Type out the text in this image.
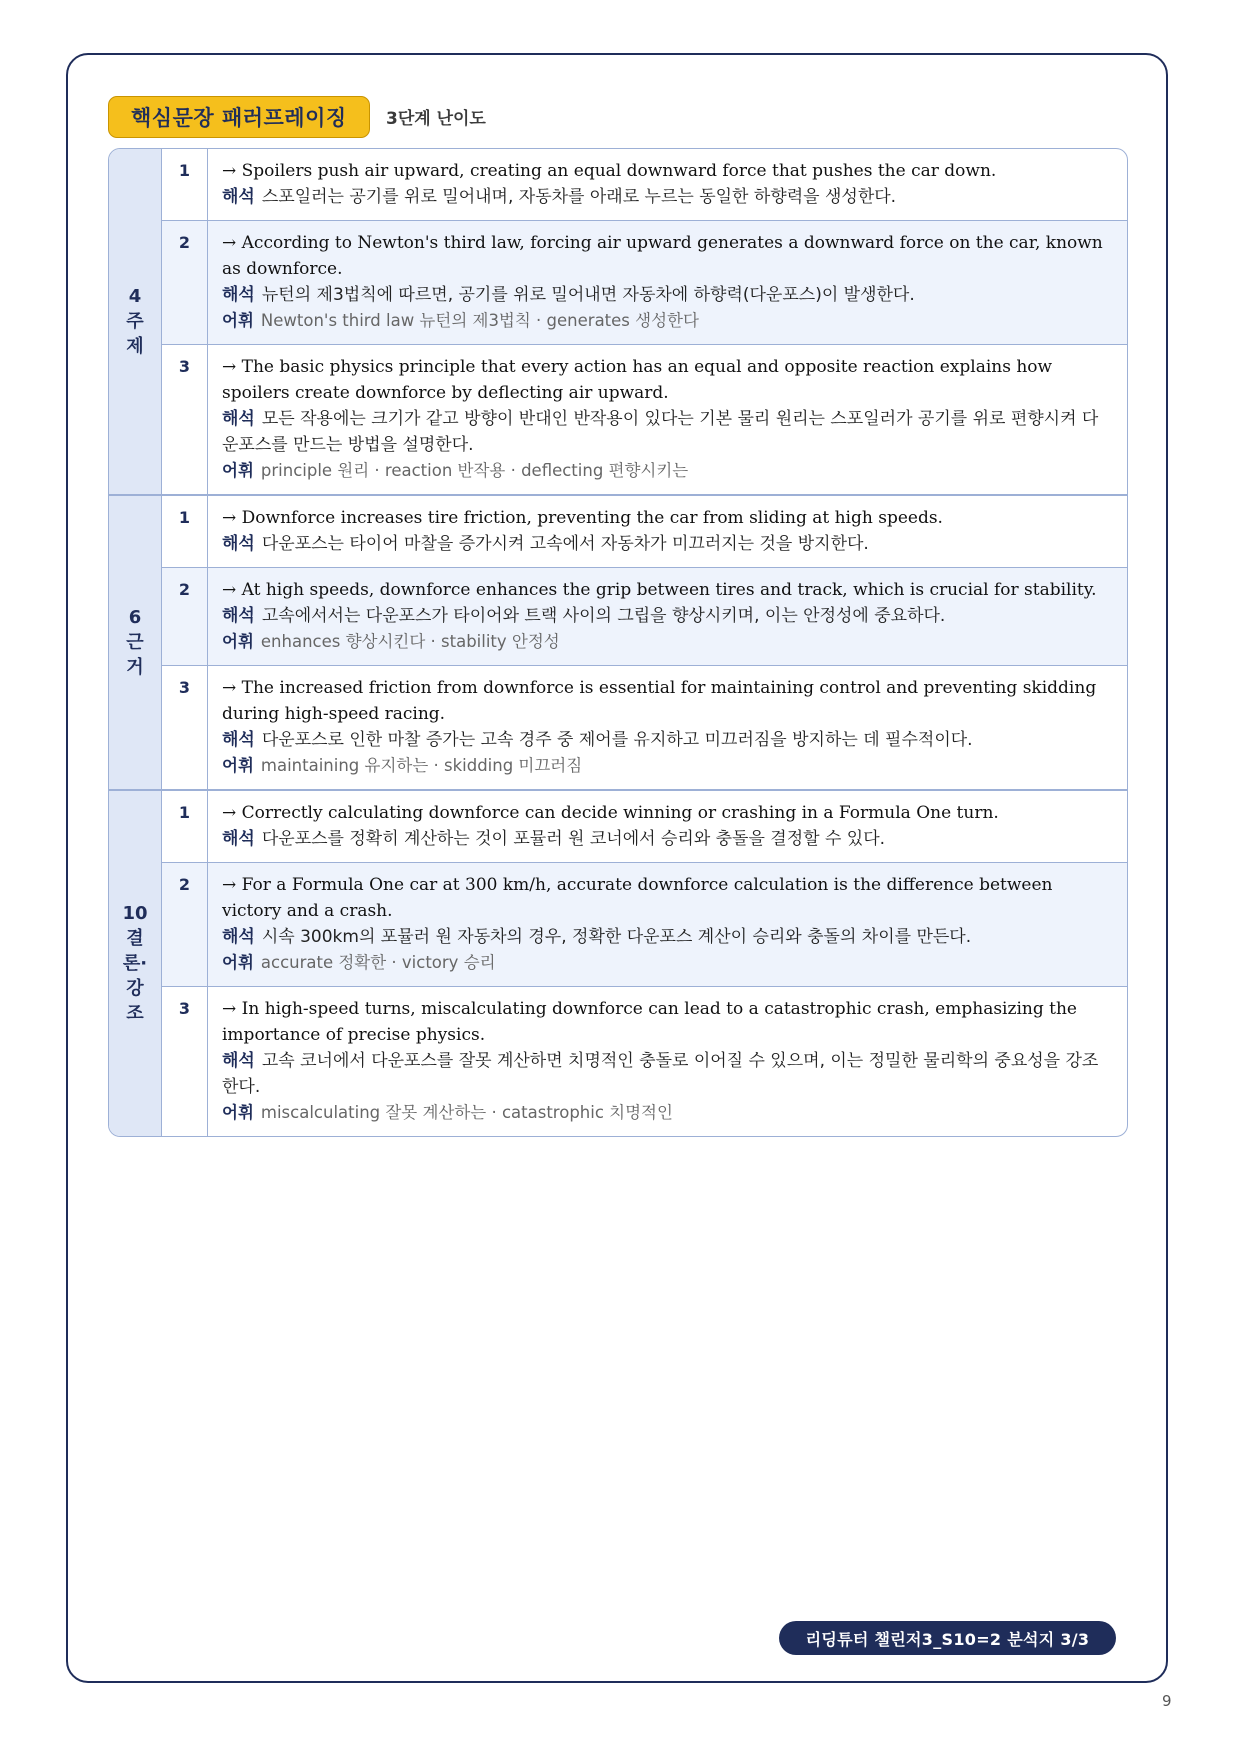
핵심문장 패러프레이징 3단계 난이도
4
주
제
1	→ Spoilers push air upward, creating an equal downward force that pushes the car down.
해석 스포일러는 공기를 위로 밀어내며, 자동차를 아래로 누르는 동일한 하향력을 생성한다.
2	→ According to Newton's third law, forcing air upward generates a downward force on the car, known as downforce.
해석 뉴턴의 제3법칙에 따르면, 공기를 위로 밀어내면 자동차에 하향력(다운포스)이 발생한다.
어휘 Newton's third law 뉴턴의 제3법칙 · generates 생성한다
3	→ The basic physics principle that every action has an equal and opposite reaction explains how spoilers create downforce by deflecting air upward.
해석 모든 작용에는 크기가 같고 방향이 반대인 반작용이 있다는 기본 물리 원리는 스포일러가 공기를 위로 편향시켜 다운포스를 만드는 방법을 설명한다.
어휘 principle 원리 · reaction 반작용 · deflecting 편향시키는
6
근
거
1	→ Downforce increases tire friction, preventing the car from sliding at high speeds.
해석 다운포스는 타이어 마찰을 증가시켜 고속에서 자동차가 미끄러지는 것을 방지한다.
2	→ At high speeds, downforce enhances the grip between tires and track, which is crucial for stability.
해석 고속에서서는 다운포스가 타이어와 트랙 사이의 그립을 향상시키며, 이는 안정성에 중요하다.
어휘 enhances 향상시킨다 · stability 안정성
3	→ The increased friction from downforce is essential for maintaining control and preventing skidding during high-speed racing.
해석 다운포스로 인한 마찰 증가는 고속 경주 중 제어를 유지하고 미끄러짐을 방지하는 데 필수적이다.
어휘 maintaining 유지하는 · skidding 미끄러짐
10
결
론·
강
조
1	→ Correctly calculating downforce can decide winning or crashing in a Formula One turn.
해석 다운포스를 정확히 계산하는 것이 포뮬러 원 코너에서 승리와 충돌을 결정할 수 있다.
2	→ For a Formula One car at 300 km/h, accurate downforce calculation is the difference between victory and a crash.
해석 시속 300km의 포뮬러 원 자동차의 경우, 정확한 다운포스 계산이 승리와 충돌의 차이를 만든다.
어휘 accurate 정확한 · victory 승리
3	→ In high-speed turns, miscalculating downforce can lead to a catastrophic crash, emphasizing the importance of precise physics.
해석 고속 코너에서 다운포스를 잘못 계산하면 치명적인 충돌로 이어질 수 있으며, 이는 정밀한 물리학의 중요성을 강조한다.
어휘 miscalculating 잘못 계산하는 · catastrophic 치명적인
리딩튜터 챌린저3_S10=2 분석지 3/3
9
